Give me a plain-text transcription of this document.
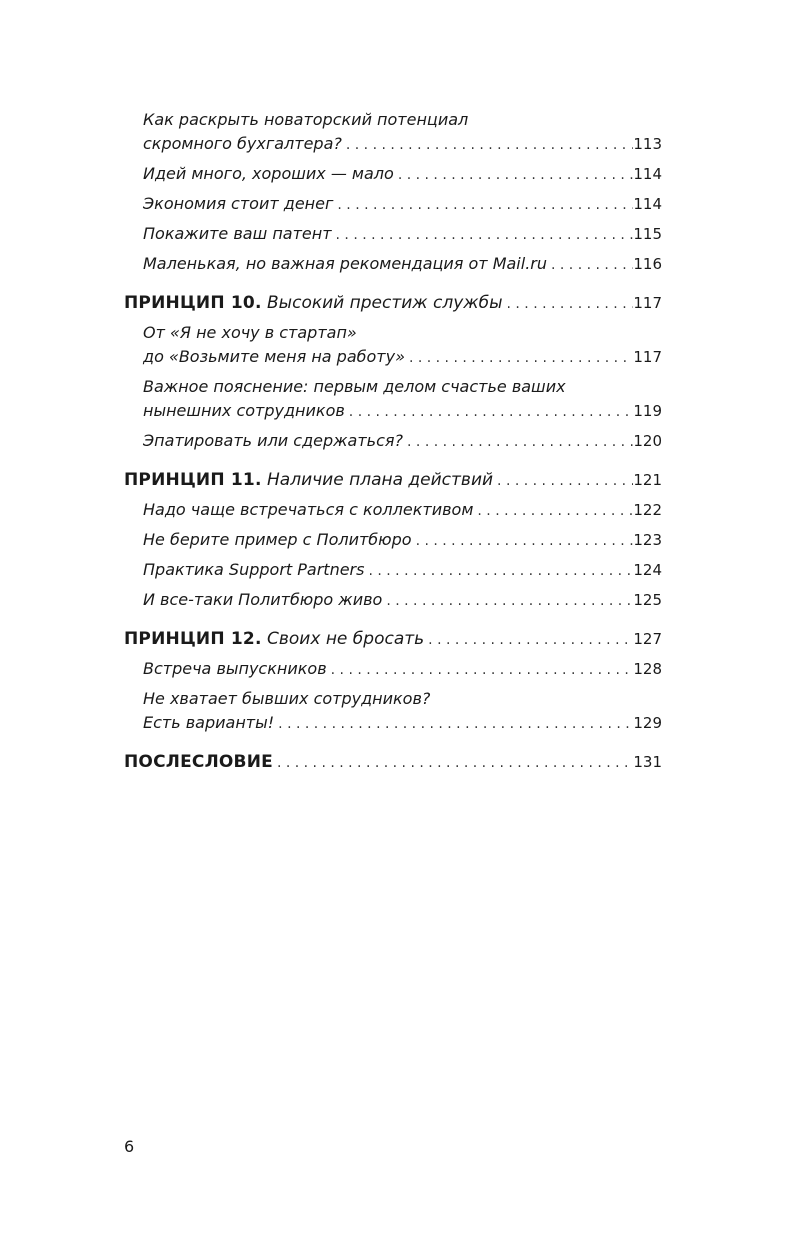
Как раскрыть новаторский потенциал
скромного бухгалтера? . . .	113
Идей много, хороших — мало . . .	114
Экономия стоит денег . . .	114
Покажите ваш патент . . .	115
Маленькая, но важная рекомендация от Mail.ru . . .	116
ПРИНЦИП 10. Высокий престиж службы . . .	117
От «Я не хочу в стартап»
до «Возьмите меня на работу» . . .	117
Важное пояснение: первым делом счастье ваших
нынешних сотрудников . . .	119
Эпатировать или сдержаться? . . .	120
ПРИНЦИП 11. Наличие плана действий . . .	121
Надо чаще встречаться с коллективом . . .	122
Не берите пример с Политбюро . . .	123
Практика Support Partners . . .	124
И все-таки Политбюро живо . . .	125
ПРИНЦИП 12. Своих не бросать . . .	127
Встреча выпускников . . .	128
Не хватает бывших сотрудников?
Есть варианты! . . .	129
ПОСЛЕСЛОВИЕ . . .	131
6
